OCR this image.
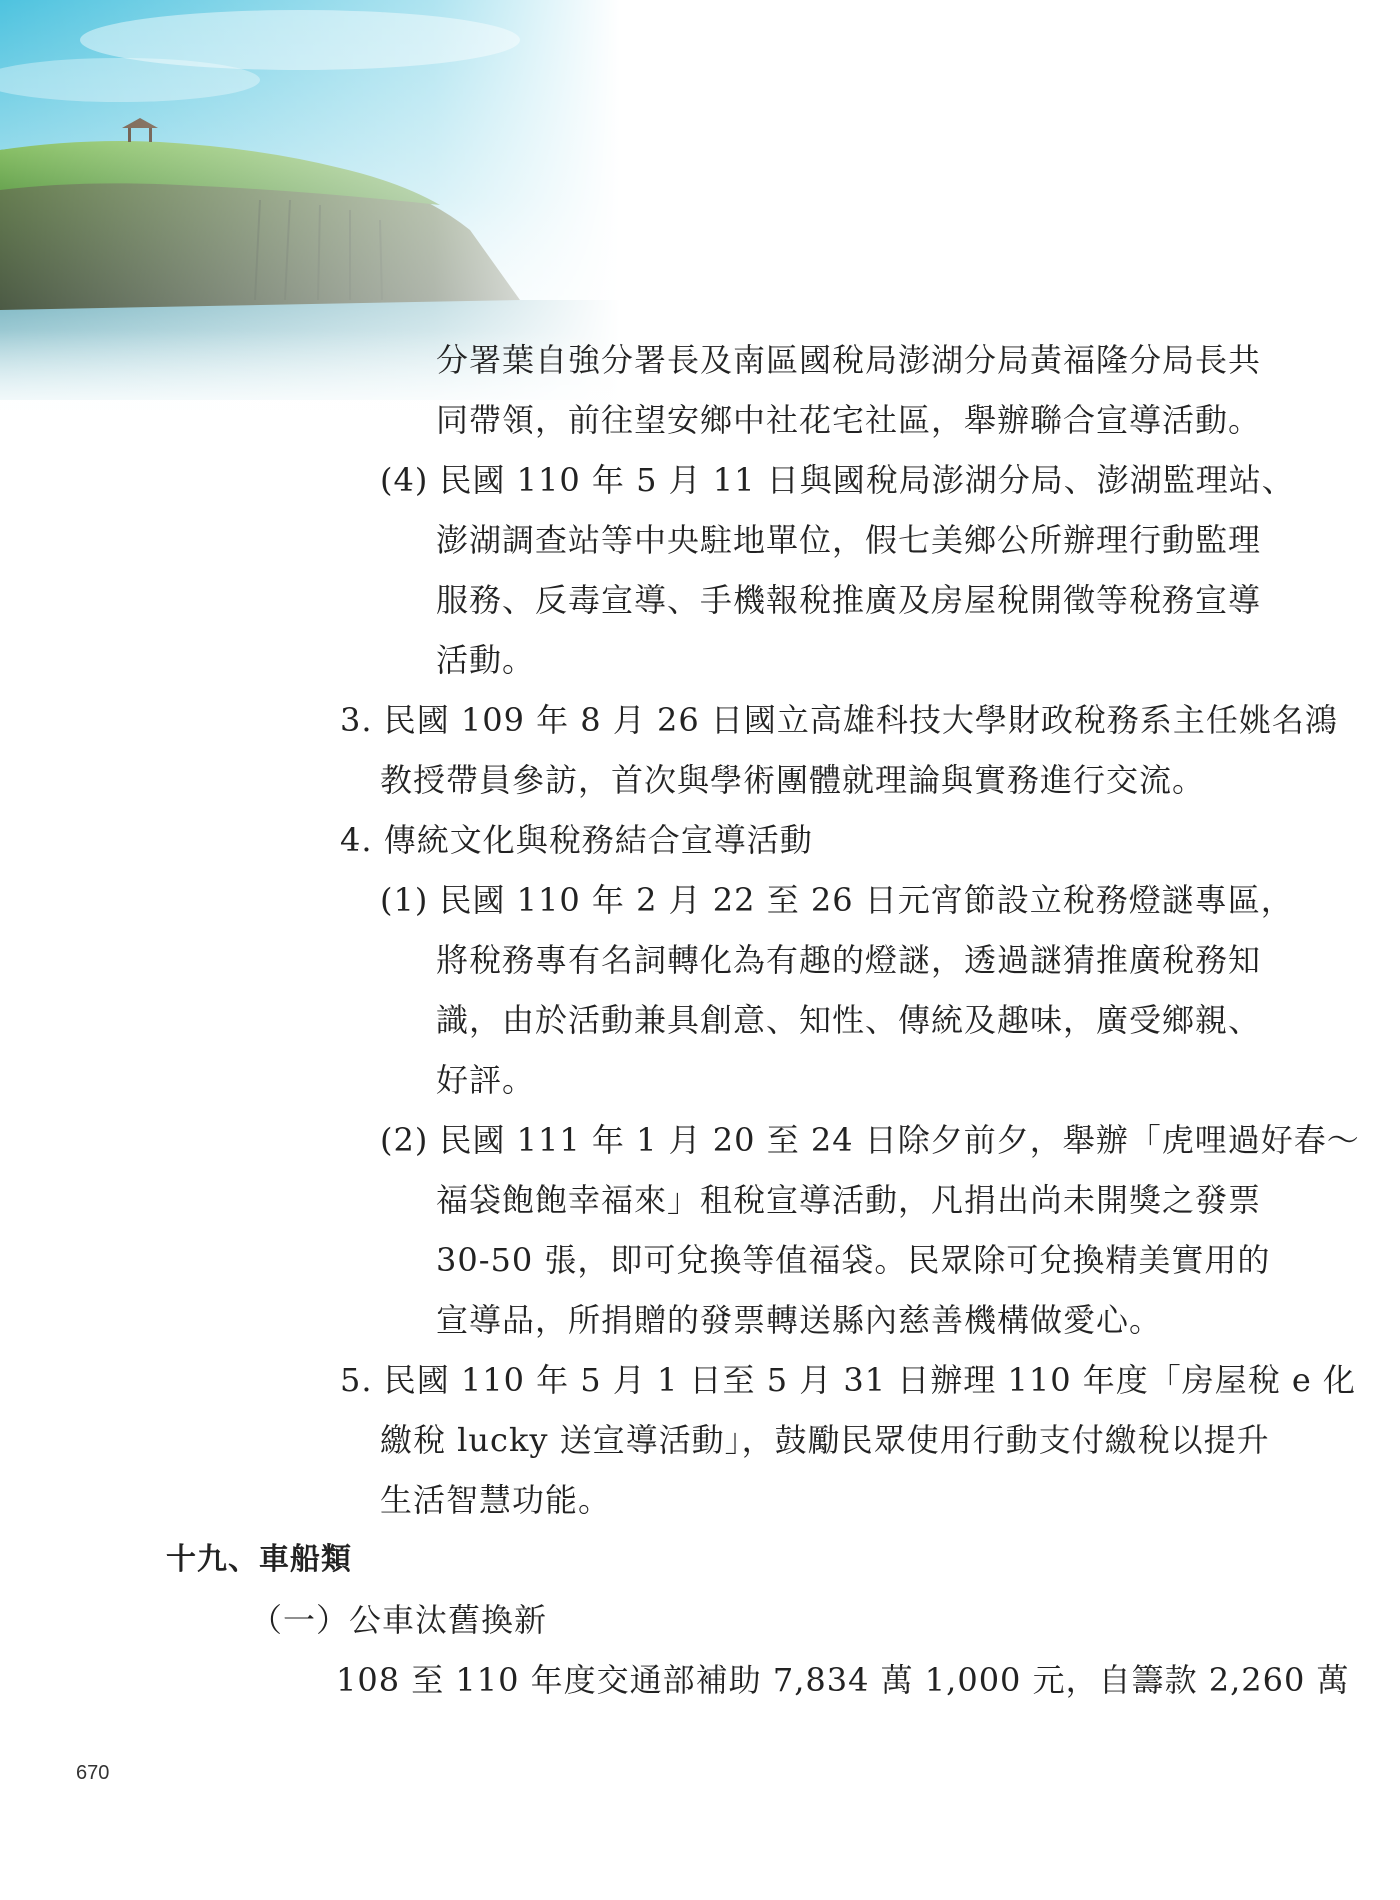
分署葉自強分署長及南區國稅局澎湖分局黃福隆分局長共
同帶領，前往望安鄉中社花宅社區，舉辦聯合宣導活動。
(4) 民國 110 年 5 月 11 日與國稅局澎湖分局、澎湖監理站、
澎湖調查站等中央駐地單位，假七美鄉公所辦理行動監理
服務、反毒宣導、手機報稅推廣及房屋稅開徵等稅務宣導
活動。
3. 民國 109 年 8 月 26 日國立高雄科技大學財政稅務系主任姚名鴻
教授帶員參訪，首次與學術團體就理論與實務進行交流。
4. 傳統文化與稅務結合宣導活動
(1) 民國 110 年 2 月 22 至 26 日元宵節設立稅務燈謎專區，
將稅務專有名詞轉化為有趣的燈謎，透過謎猜推廣稅務知
識，由於活動兼具創意、知性、傳統及趣味，廣受鄉親、
好評。
(2) 民國 111 年 1 月 20 至 24 日除夕前夕，舉辦「虎哩過好春～
福袋飽飽幸福來」租稅宣導活動，凡捐出尚未開獎之發票
30-50 張，即可兌換等值福袋。民眾除可兌換精美實用的
宣導品，所捐贈的發票轉送縣內慈善機構做愛心。
5. 民國 110 年 5 月 1 日至 5 月 31 日辦理 110 年度「房屋稅 e 化
繳稅 lucky 送宣導活動」，鼓勵民眾使用行動支付繳稅以提升
生活智慧功能。
十九、車船類
（一）公車汰舊換新
108 至 110 年度交通部補助 7,834 萬 1,000 元，自籌款 2,260 萬
670
